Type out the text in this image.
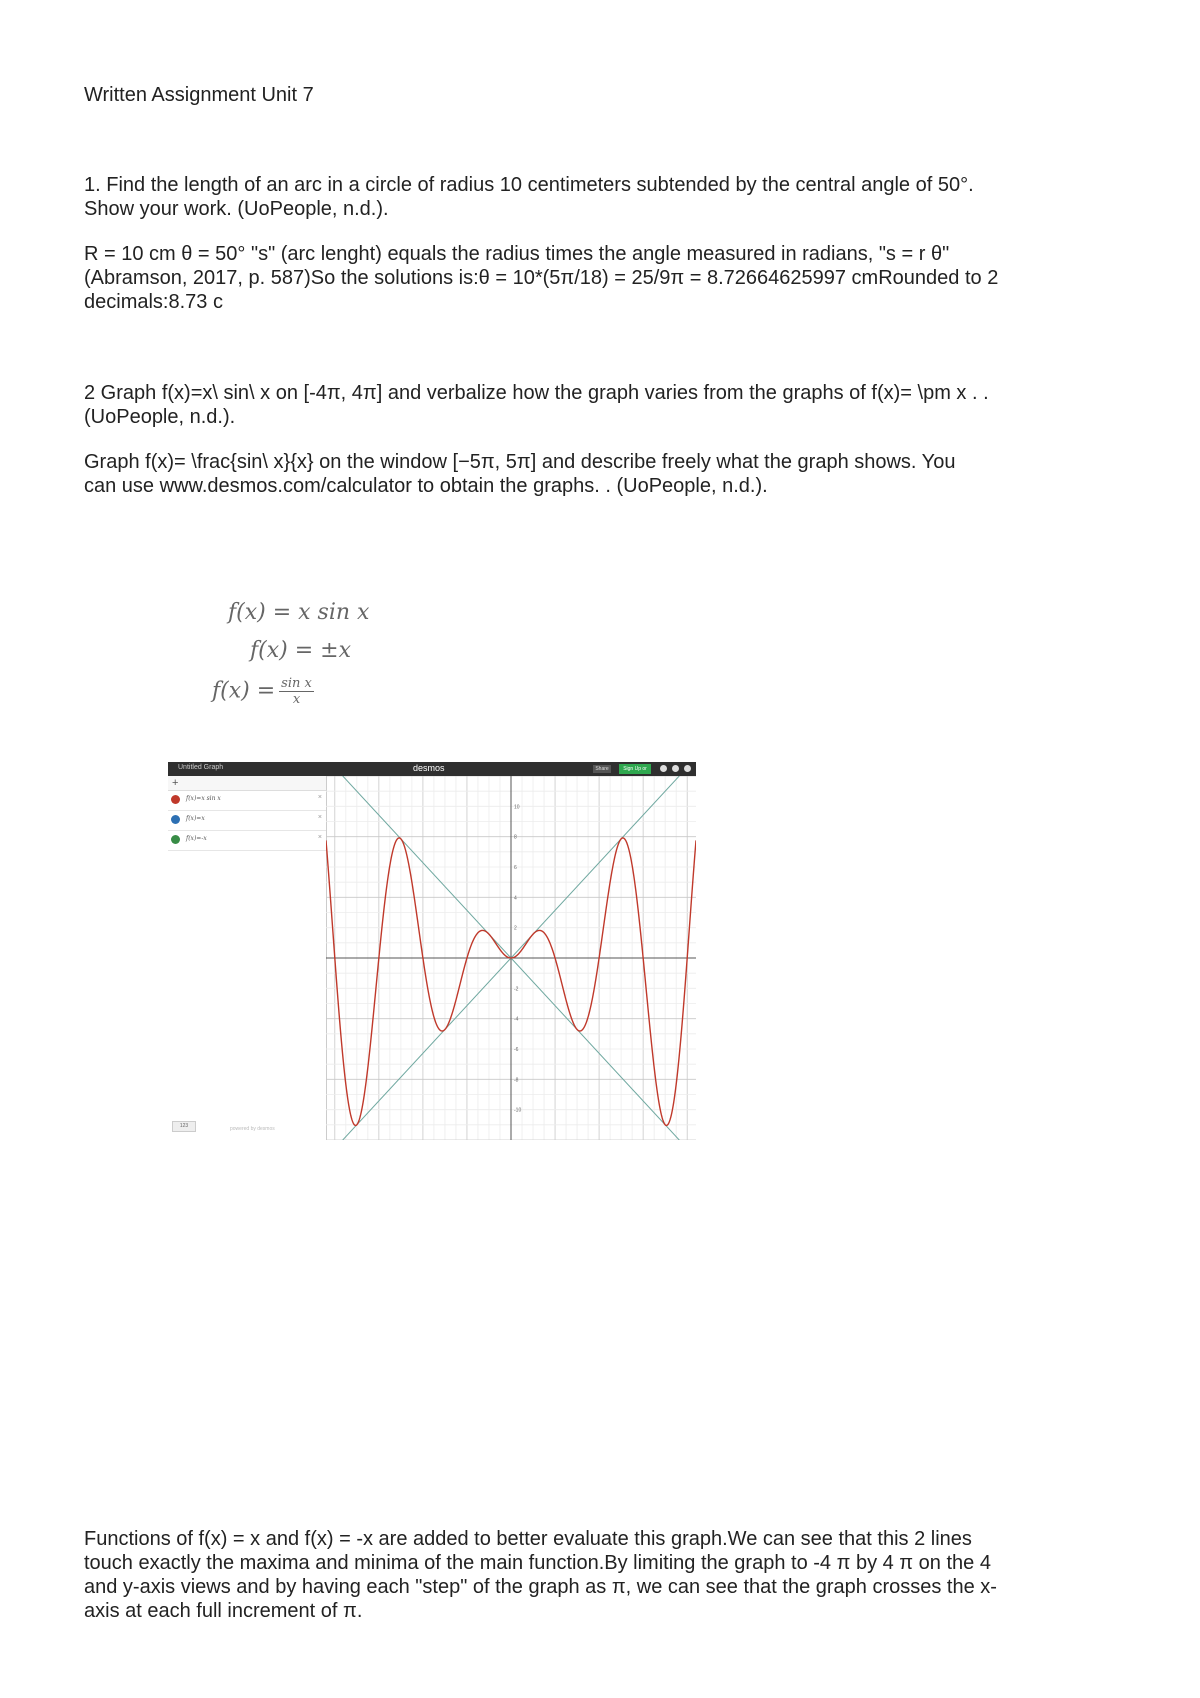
Written Assignment Unit 7

1. Find the length of an arc in a circle of radius 10 centimeters subtended by the central angle of 50°.

Show your work. (UoPeople, n.d.).

R = 10 cm θ = 50° "s" (arc lenght) equals the radius times the angle measured in radians, "s = r θ"

(Abramson, 2017, p. 587)So the solutions is:θ = 10*(5π/18) = 25/9π = 8.72664625997 cmRounded to 2

decimals:8.73 c

2 Graph f(x)=x\ sin\ x on [-4π, 4π] and verbalize how the graph varies from the graphs of f(x)= \pm x . .

(UoPeople, n.d.).

Graph f(x)= \frac{sin\ x}{x} on the window [−5π, 5π] and describe freely what the graph shows. You

can use www.desmos.com/calculator to obtain the graphs. . (UoPeople, n.d.).

f(x) = x sin x
f(x) = ±x
$f(x) = \frac{\text{sin x}}{x}$
Untitled Graph	desmos	Share	Sign Up or Sign In
+
f(x)=x sin x	×
f(x)=x	×
f(x)=-x	×
123	powered by desmos
-10
-8
-6
-4
-2
2
4
6
8
10

Functions of f(x) = x and f(x) = -x are added to better evaluate this graph.We can see that this 2 lines

touch exactly the maxima and minima of the main function.By limiting the graph to -4 π by 4 π on the 4

and y-axis views and by having each "step" of the graph as π, we can see that the graph crosses the x-

axis at each full increment of π.
